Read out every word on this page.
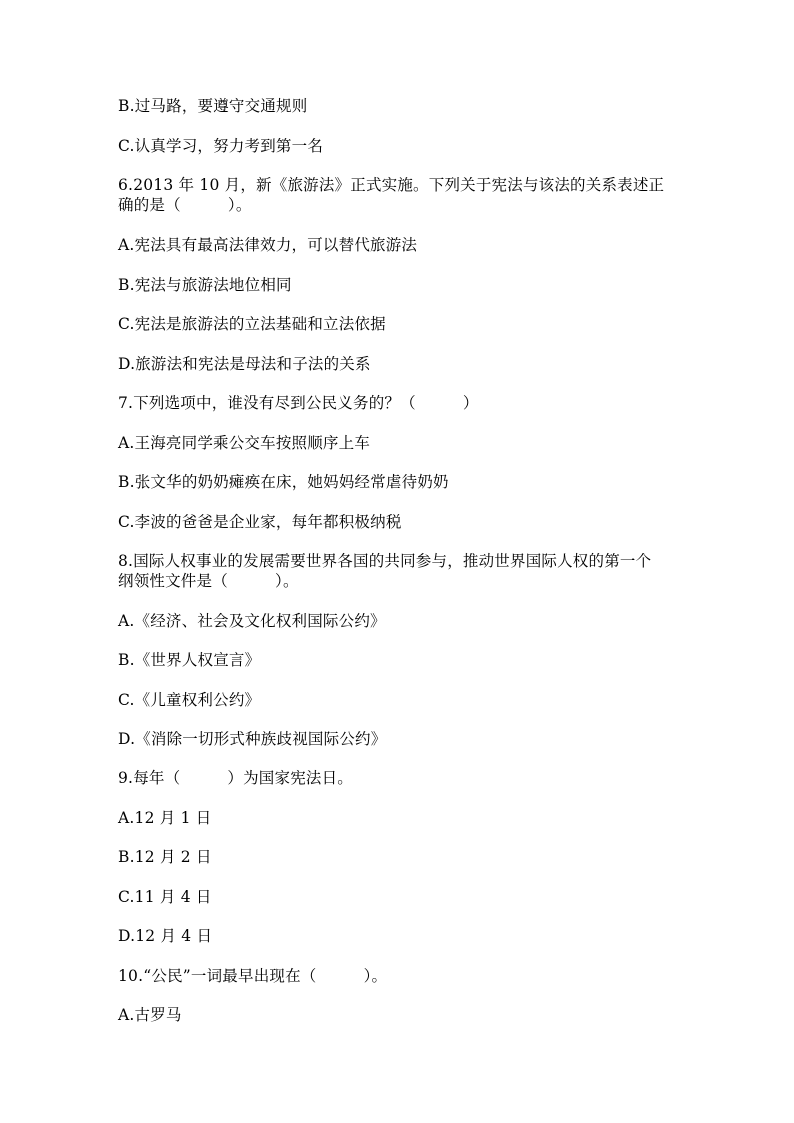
B.过马路，要遵守交通规则
C.认真学习，努力考到第一名
6.2013 年 10 月，新《旅游法》正式实施。下列关于宪法与该法的关系表述正
确的是（　　　）。
A.宪法具有最高法律效力，可以替代旅游法
B.宪法与旅游法地位相同
C.宪法是旅游法的立法基础和立法依据
D.旅游法和宪法是母法和子法的关系
7.下列选项中，谁没有尽到公民义务的？（　　　）
A.王海亮同学乘公交车按照顺序上车
B.张文华的奶奶瘫痪在床，她妈妈经常虐待奶奶
C.李波的爸爸是企业家，每年都积极纳税
8.国际人权事业的发展需要世界各国的共同参与，推动世界国际人权的第一个
纲领性文件是（　　　）。
A.《经济、社会及文化权利国际公约》
B.《世界人权宣言》
C.《儿童权利公约》
D.《消除一切形式种族歧视国际公约》
9.每年（　　　）为国家宪法日。
A.12 月 1 日
B.12 月 2 日
C.11 月 4 日
D.12 月 4 日
10.“公民”一词最早出现在（　　　）。
A.古罗马
